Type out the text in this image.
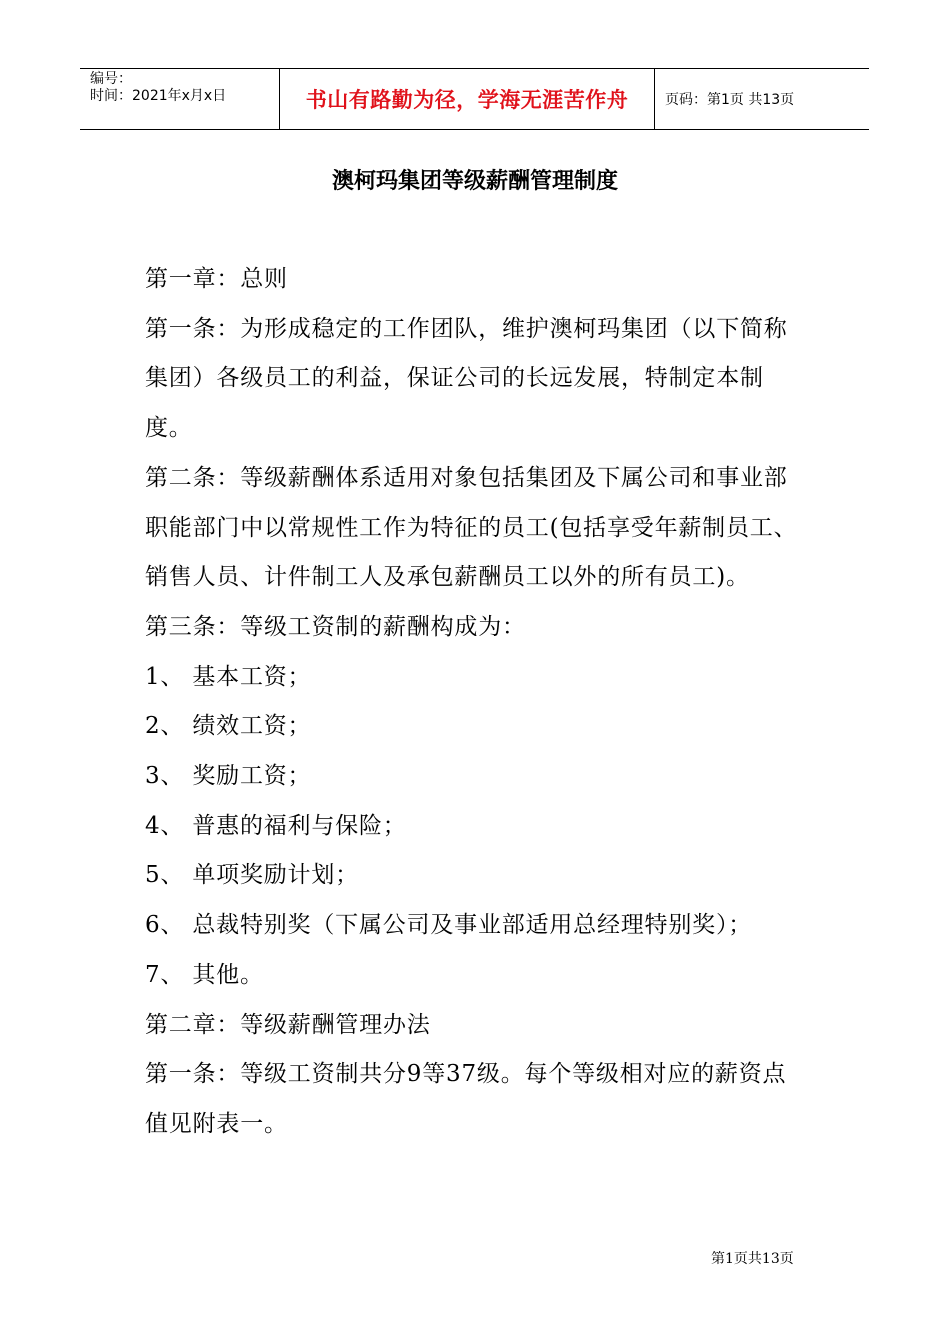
编号：
时间：2021年x月x日	书山有路勤为径，学海无涯苦作舟	页码：第1页 共13页
澳柯玛集团等级薪酬管理制度

第一章：总则

第一条：为形成稳定的工作团队，维护澳柯玛集团（以下简称集团）各级员工的利益，保证公司的长远发展，特制定本制度。

第二条：等级薪酬体系适用对象包括集团及下属公司和事业部职能部门中以常规性工作为特征的员工(包括享受年薪制员工、销售人员、计件制工人及承包薪酬员工以外的所有员工)。

第三条：等级工资制的薪酬构成为：

1、 基本工资；

2、 绩效工资；

3、 奖励工资；

4、 普惠的福利与保险；

5、 单项奖励计划；

6、 总裁特别奖（下属公司及事业部适用总经理特别奖）；

7、 其他。

第二章：等级薪酬管理办法

第一条：等级工资制共分9等37级。每个等级相对应的薪资点值见附表一。

第1页共13页
